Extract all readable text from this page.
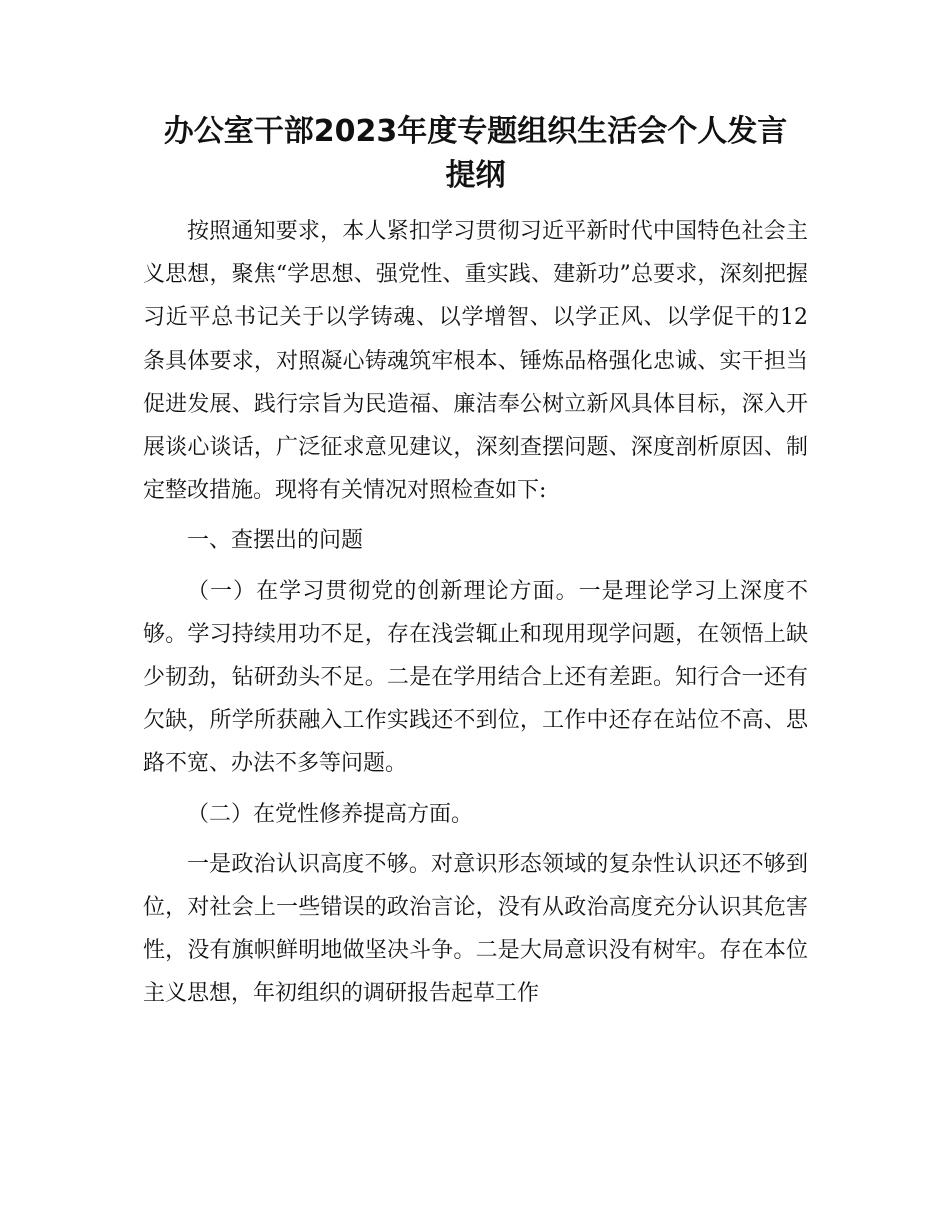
办公室干部2023年度专题组织生活会个人发言
提纲

按照通知要求，本人紧扣学习贯彻习近平新时代中国特色社会主义思想，聚焦“学思想、强党性、重实践、建新功”总要求，深刻把握习近平总书记关于以学铸魂、以学增智、以学正风、以学促干的12条具体要求，对照凝心铸魂筑牢根本、锤炼品格强化忠诚、实干担当促进发展、践行宗旨为民造福、廉洁奉公树立新风具体目标，深入开展谈心谈话，广泛征求意见建议，深刻查摆问题、深度剖析原因、制定整改措施。现将有关情况对照检查如下:

一、查摆出的问题

（一）在学习贯彻党的创新理论方面。一是理论学习上深度不够。学习持续用功不足，存在浅尝辄止和现用现学问题，在领悟上缺少韧劲，钻研劲头不足。二是在学用结合上还有差距。知行合一还有欠缺，所学所获融入工作实践还不到位，工作中还存在站位不高、思路不宽、办法不多等问题。

（二）在党性修养提高方面。

一是政治认识高度不够。对意识形态领域的复杂性认识还不够到位，对社会上一些错误的政治言论，没有从政治高度充分认识其危害性，没有旗帜鲜明地做坚决斗争。二是大局意识没有树牢。存在本位主义思想，年初组织的调研报告起草工作
